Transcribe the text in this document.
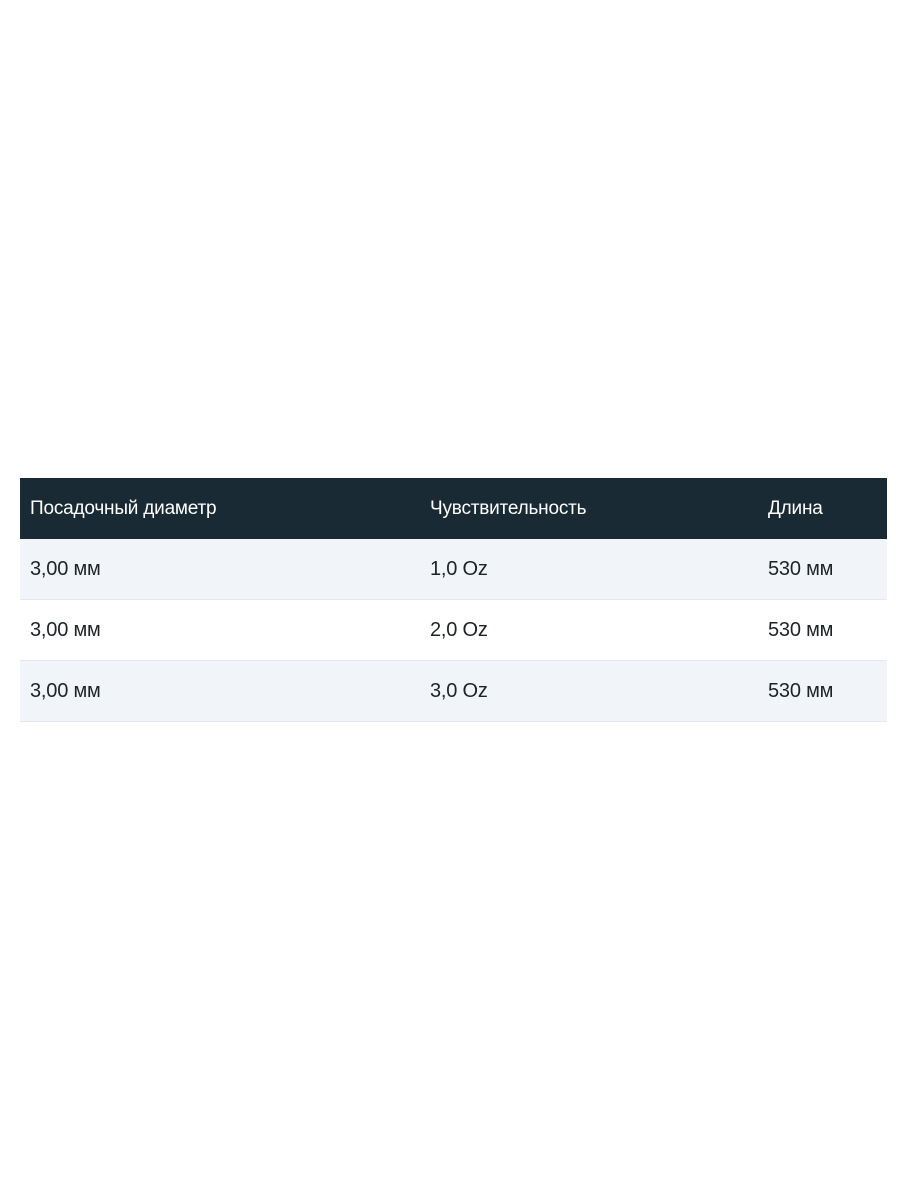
Посадочный диаметр	Чувствительность	Длина
3,00 мм	1,0 Oz	530 мм
3,00 мм	2,0 Oz	530 мм
3,00 мм	3,0 Oz	530 мм
